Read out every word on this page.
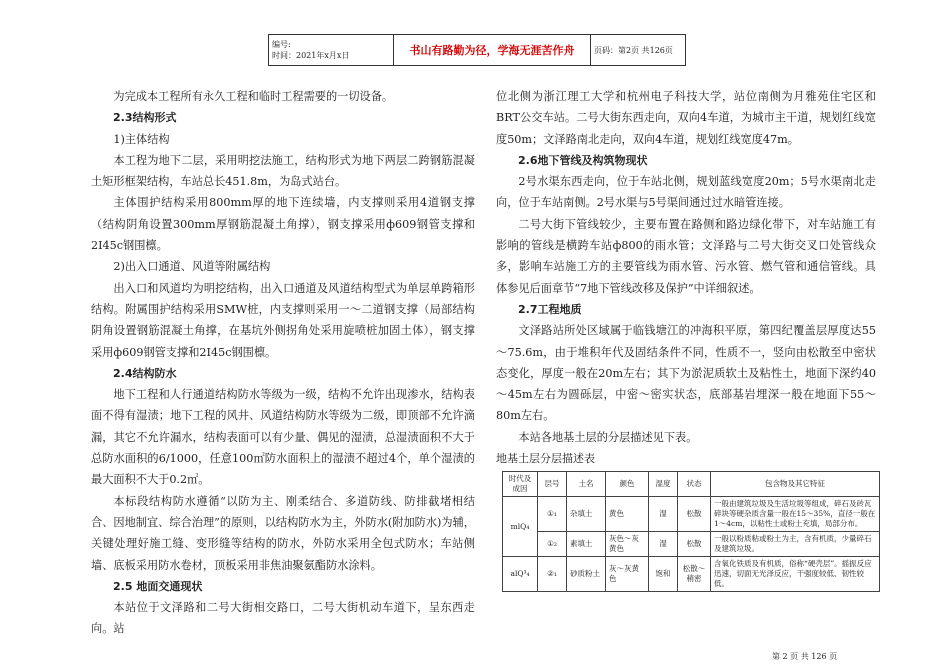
编号:
时间：2021年x月x日	书山有路勤为径，学海无涯苦作舟	页码：第2页 共126页

为完成本工程所有永久工程和临时工程需要的一切设备。

2.3结构形式

1)主体结构

本工程为地下二层，采用明挖法施工，结构形式为地下两层二跨钢筋混凝土矩形框架结构，车站总长451.8m，为岛式站台。

主体围护结构采用800mm厚的地下连续墙，内支撑则采用4道钢支撑（结构阴角设置300mm厚钢筋混凝土角撑），钢支撑采用ф609钢管支撑和2I45c钢围檩。

2)出入口通道、风道等附属结构

出入口和风道均为明挖结构，出入口通道及风道结构型式为单层单跨箱形结构。附属围护结构采用SMW桩，内支撑则采用一～二道钢支撑（局部结构阴角设置钢筋混凝土角撑，在基坑外侧拐角处采用旋喷桩加固土体），钢支撑采用ф609钢管支撑和2I45c钢围檩。

2.4结构防水

地下工程和人行通道结构防水等级为一级，结构不允许出现渗水，结构表面不得有湿渍；地下工程的风井、风道结构防水等级为二级，即顶部不允许滴漏，其它不允许漏水，结构表面可以有少量、偶见的湿渍，总湿渍面积不大于总防水面积的6/1000，任意100㎡防水面积上的湿渍不超过4个，单个湿渍的最大面积不大于0.2㎡。

本标段结构防水遵循“以防为主、刚柔结合、多道防线、防排截堵相结合、因地制宜、综合治理”的原则，以结构防水为主，外防水(附加防水)为辅，关键处理好施工缝、变形缝等结构的防水，外防水采用全包式防水；车站侧墙、底板采用防水卷材，顶板采用非焦油聚氨酯防水涂料。

2.5 地面交通现状

本站位于文泽路和二号大街相交路口，二号大街机动车道下，呈东西走向。站

位北侧为浙江理工大学和杭州电子科技大学，站位南侧为月雅苑住宅区和BRT公交车站。二号大街东西走向，双向4车道，为城市主干道，规划红线宽度50m；文泽路南北走向，双向4车道，规划红线宽度47m。

2.6地下管线及构筑物现状

2号水渠东西走向，位于车站北侧，规划蓝线宽度20m；5号水渠南北走向，位于车站南侧。2号水渠与5号渠间通过过水暗管连接。

二号大街下管线较少，主要布置在路侧和路边绿化带下，对车站施工有影响的管线是横跨车站ф800的雨水管；文泽路与二号大街交叉口处管线众多，影响车站施工方的主要管线为雨水管、污水管、燃气管和通信管线。具体参见后面章节“7地下管线改移及保护”中详细叙述。

2.7工程地质

文泽路站所处区域属于临钱塘江的冲海积平原，第四纪覆盖层厚度达55～75.6m，由于堆积年代及固结条件不同，性质不一，竖向由松散至中密状态变化，厚度一般在20m左右；其下为淤泥质软土及粘性土，地面下深约40～45m左右为圆砾层，中密～密实状态，底部基岩埋深一般在地面下55～80m左右。

本站各地基土层的分层描述见下表。

地基土层分层描述表

时代及成因	层号	土名	颜色	湿度	状态	包含物及其它特征
mlQ₄	①₁	杂填土	黄色	湿	松散	一般由建筑垃圾及生活垃圾等组成，碎石及砖瓦碎块等硬杂质含量一般在15～35%，直径一般在1～4cm，以粘性土或粉土充填，局部分布。
	①₂	素填土	灰色～灰黄色	湿	松散	一般以粉质粘或粉土为主，含有机质，少量碎石及建筑垃圾。
alQ³₄	②₁	砂质粉土	灰～灰黄色	饱和	松散～稍密	含氧化铁质及有机质，俗称“硬壳层”。摇振反应迅速，切面无光泽反应，干强度较低、韧性较低。
第 2 页 共 126 页
